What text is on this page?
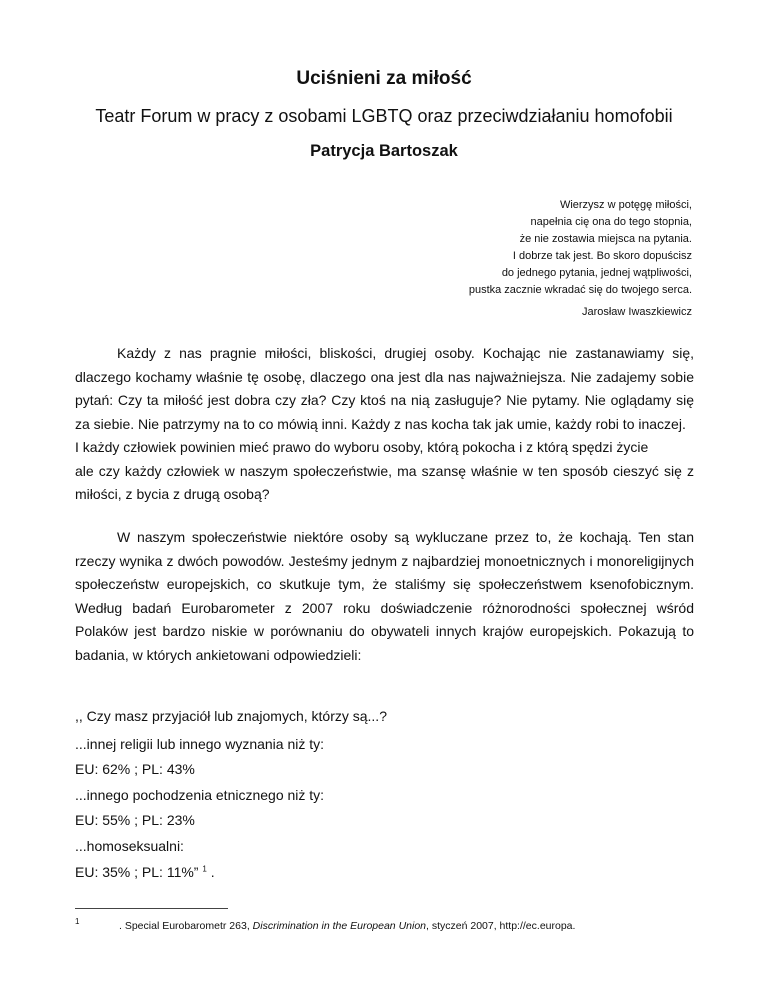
Uciśnieni za miłość
Teatr Forum w pracy z osobami LGBTQ oraz przeciwdziałaniu homofobii
Patrycja Bartoszak
Wierzysz w potęgę miłości,
napełnia cię ona do tego stopnia,
że nie zostawia miejsca na pytania.
I dobrze tak jest. Bo skoro dopuścisz
do jednego pytania, jednej wątpliwości,
pustka zacznie wkradać się do twojego serca.
Jarosław Iwaszkiewicz
Każdy z nas pragnie miłości, bliskości, drugiej osoby. Kochając nie zastanawiamy się, dlaczego kochamy właśnie tę osobę, dlaczego ona jest dla nas najważniejsza. Nie zadajemy sobie pytań: Czy ta miłość jest dobra czy zła? Czy ktoś na nią zasługuje? Nie pytamy. Nie oglądamy się za siebie. Nie patrzymy na to co mówią inni. Każdy z nas kocha tak jak umie, każdy robi to inaczej.
I każdy człowiek powinien mieć prawo do wyboru osoby, którą pokocha i z którą spędzi życie
ale czy każdy człowiek w naszym społeczeństwie, ma szansę właśnie w ten sposób cieszyć się z miłości, z bycia z drugą osobą?
W naszym społeczeństwie niektóre osoby są wykluczane przez to, że kochają. Ten stan rzeczy wynika z dwóch powodów. Jesteśmy jednym z najbardziej monoetnicznych i monoreligijnych społeczeństw europejskich, co skutkuje tym, że staliśmy się społeczeństwem ksenofobicznym. Według badań Eurobarometer z 2007 roku doświadczenie różnorodności społecznej wśród Polaków jest bardzo niskie w porównaniu do obywateli innych krajów europejskich. Pokazują to badania, w których ankietowani odpowiedzieli:
,, Czy masz przyjaciół lub znajomych, którzy są...?
...innej religii lub innego wyznania niż ty:
EU: 62% ; PL: 43%
...innego pochodzenia etnicznego niż ty:
EU: 55% ; PL: 23%
...homoseksualni:
EU: 35% ; PL: 11%” $^1$ .
1	. Special Eurobarometr 263, Discrimination in the European Union, styczeń 2007, http://ec.europa.
